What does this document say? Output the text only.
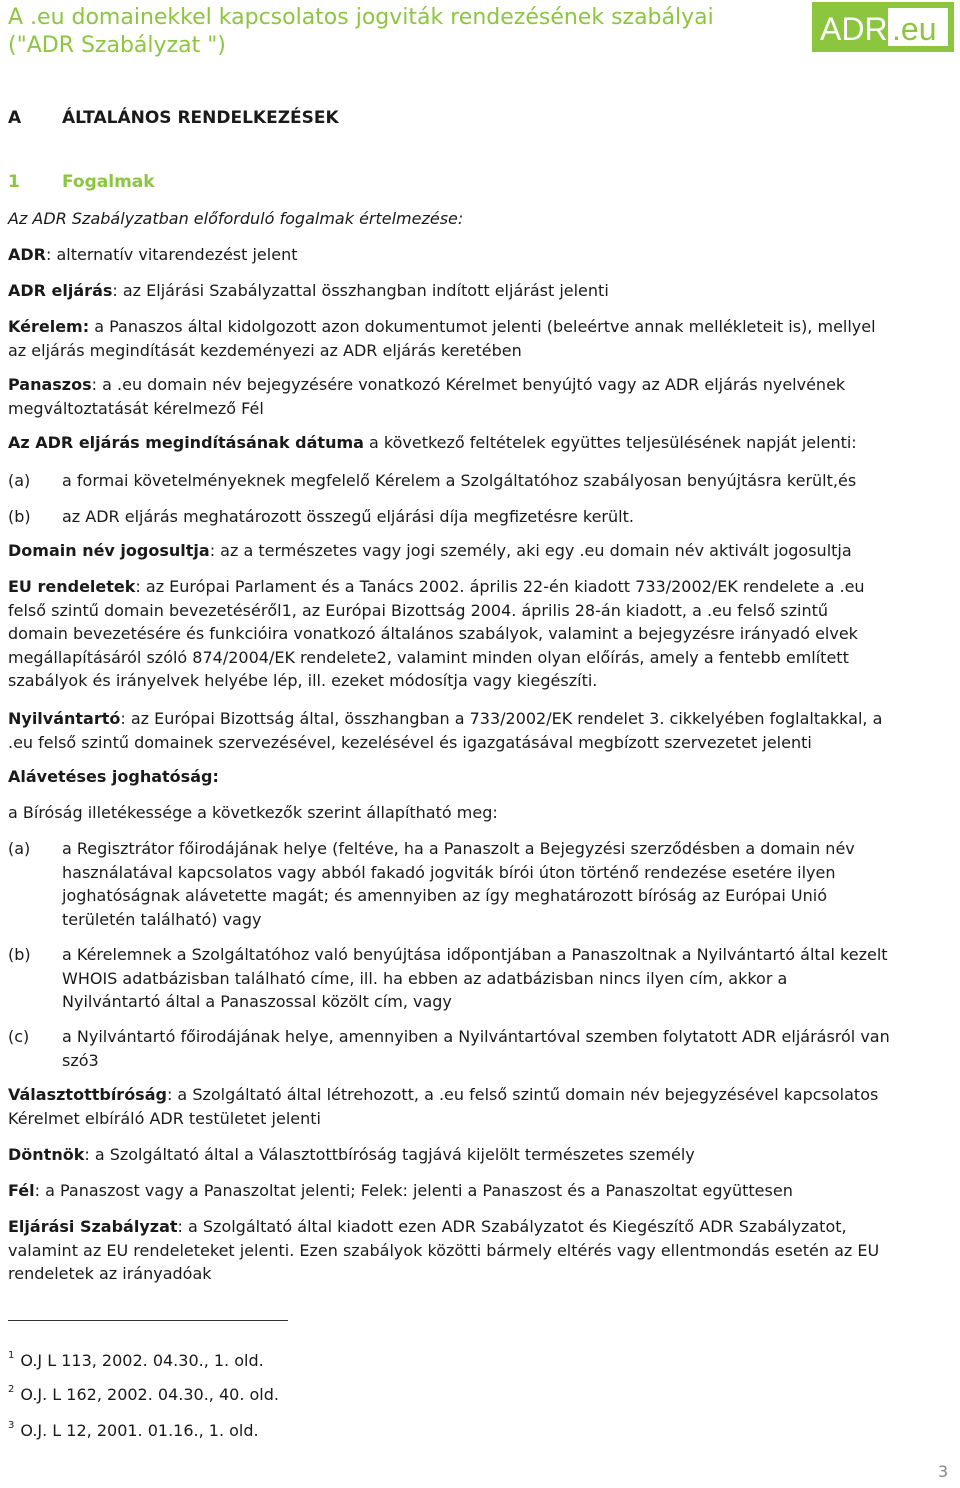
A .eu domainekkel kapcsolatos jogviták rendezésének szabályai
("ADR Szabályzat ")	ADR .eu
A ÁLTALÁNOS RENDELKEZÉSEK
1 Fogalmak
Az ADR Szabályzatban előforduló fogalmak értelmezése:
ADR: alternatív vitarendezést jelent
ADR eljárás: az Eljárási Szabályzattal összhangban indított eljárást jelenti
Kérelem: a Panaszos által kidolgozott azon dokumentumot jelenti (beleértve annak mellékleteit is), mellyel
az eljárás megindítását kezdeményezi az ADR eljárás keretében
Panaszos: a .eu domain név bejegyzésére vonatkozó Kérelmet benyújtó vagy az ADR eljárás nyelvének
megváltoztatását kérelmező Fél
Az ADR eljárás megindításának dátuma a következő feltételek együttes teljesülésének napját jelenti:
(a) a formai követelményeknek megfelelő Kérelem a Szolgáltatóhoz szabályosan benyújtásra került,és
(b) az ADR eljárás meghatározott összegű eljárási díja megfizetésre került.
Domain név jogosultja: az a természetes vagy jogi személy, aki egy .eu domain név aktivált jogosultja
EU rendeletek: az Európai Parlament és a Tanács 2002. április 22-én kiadott 733/2002/EK rendelete a .eu
felső szintű domain bevezetéséről1, az Európai Bizottság 2004. április 28-án kiadott, a .eu felső szintű
domain bevezetésére és funkcióira vonatkozó általános szabályok, valamint a bejegyzésre irányadó elvek
megállapításáról szóló 874/2004/EK rendelete2, valamint minden olyan előírás, amely a fentebb említett
szabályok és irányelvek helyébe lép, ill. ezeket módosítja vagy kiegészíti.
Nyilvántartó: az Európai Bizottság által, összhangban a 733/2002/EK rendelet 3. cikkelyében foglaltakkal, a
.eu felső szintű domainek szervezésével, kezelésével és igazgatásával megbízott szervezetet jelenti
Alávetéses joghatóság:
a Bíróság illetékessége a következők szerint állapítható meg:
(a) a Regisztrátor főirodájának helye (feltéve, ha a Panaszolt a Bejegyzési szerződésben a domain név
használatával kapcsolatos vagy abból fakadó jogviták bírói úton történő rendezése esetére ilyen
joghatóságnak alávetette magát; és amennyiben az így meghatározott bíróság az Európai Unió
területén található) vagy
(b) a Kérelemnek a Szolgáltatóhoz való benyújtása időpontjában a Panaszoltnak a Nyilvántartó által kezelt
WHOIS adatbázisban található címe, ill. ha ebben az adatbázisban nincs ilyen cím, akkor a
Nyilvántartó által a Panaszossal közölt cím, vagy
(c) a Nyilvántartó főirodájának helye, amennyiben a Nyilvántartóval szemben folytatott ADR eljárásról van
szó3
Választottbíróság: a Szolgáltató által létrehozott, a .eu felső szintű domain név bejegyzésével kapcsolatos
Kérelmet elbíráló ADR testületet jelenti
Döntnök: a Szolgáltató által a Választottbíróság tagjává kijelölt természetes személy
Fél: a Panaszost vagy a Panaszoltat jelenti; Felek: jelenti a Panaszost és a Panaszoltat együttesen
Eljárási Szabályzat: a Szolgáltató által kiadott ezen ADR Szabályzatot és Kiegészítő ADR Szabályzatot,
valamint az EU rendeleteket jelenti. Ezen szabályok közötti bármely eltérés vagy ellentmondás esetén az EU
rendeletek az irányadóak
$^1$ O.J L 113, 2002. 04.30., 1. old.
$^2$ O.J. L 162, 2002. 04.30., 40. old.
$^3$ O.J. L 12, 2001. 01.16., 1. old.
3
